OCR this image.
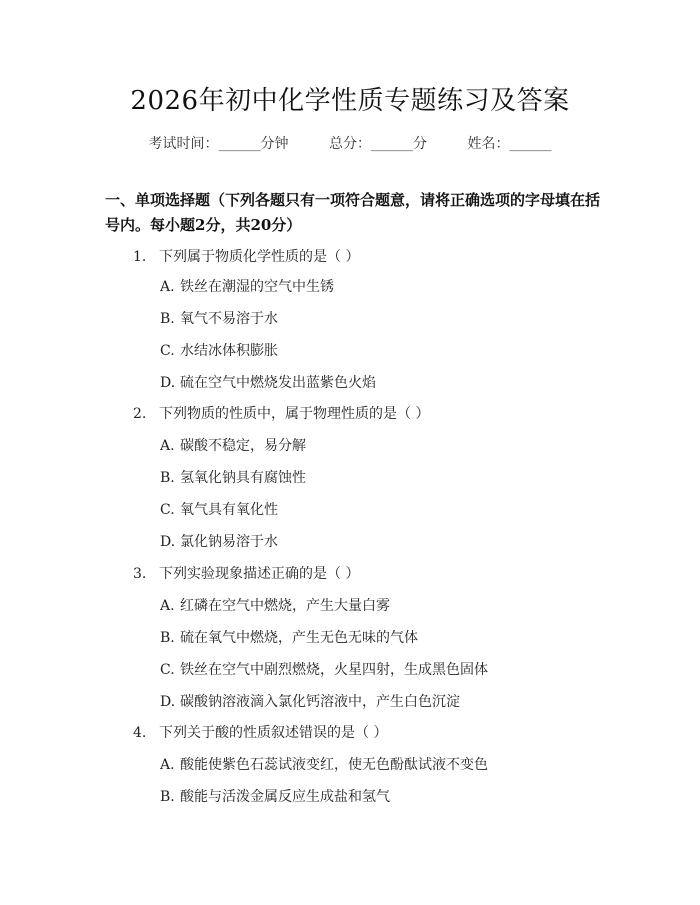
2026年初中化学性质专题练习及答案
考试时间：______分钟	总分：______分	姓名：______
一、单项选择题（下列各题只有一项符合题意，请将正确选项的字母填在括号内。每小题2分，共20分）
1. 下列属于物质化学性质的是（ ）
A. 铁丝在潮湿的空气中生锈
B. 氧气不易溶于水
C. 水结冰体积膨胀
D. 硫在空气中燃烧发出蓝紫色火焰
2. 下列物质的性质中，属于物理性质的是（ ）
A. 碳酸不稳定，易分解
B. 氢氧化钠具有腐蚀性
C. 氧气具有氧化性
D. 氯化钠易溶于水
3. 下列实验现象描述正确的是（ ）
A. 红磷在空气中燃烧，产生大量白雾
B. 硫在氧气中燃烧，产生无色无味的气体
C. 铁丝在空气中剧烈燃烧，火星四射，生成黑色固体
D. 碳酸钠溶液滴入氯化钙溶液中，产生白色沉淀
4. 下列关于酸的性质叙述错误的是（ ）
A. 酸能使紫色石蕊试液变红，使无色酚酞试液不变色
B. 酸能与活泼金属反应生成盐和氢气
